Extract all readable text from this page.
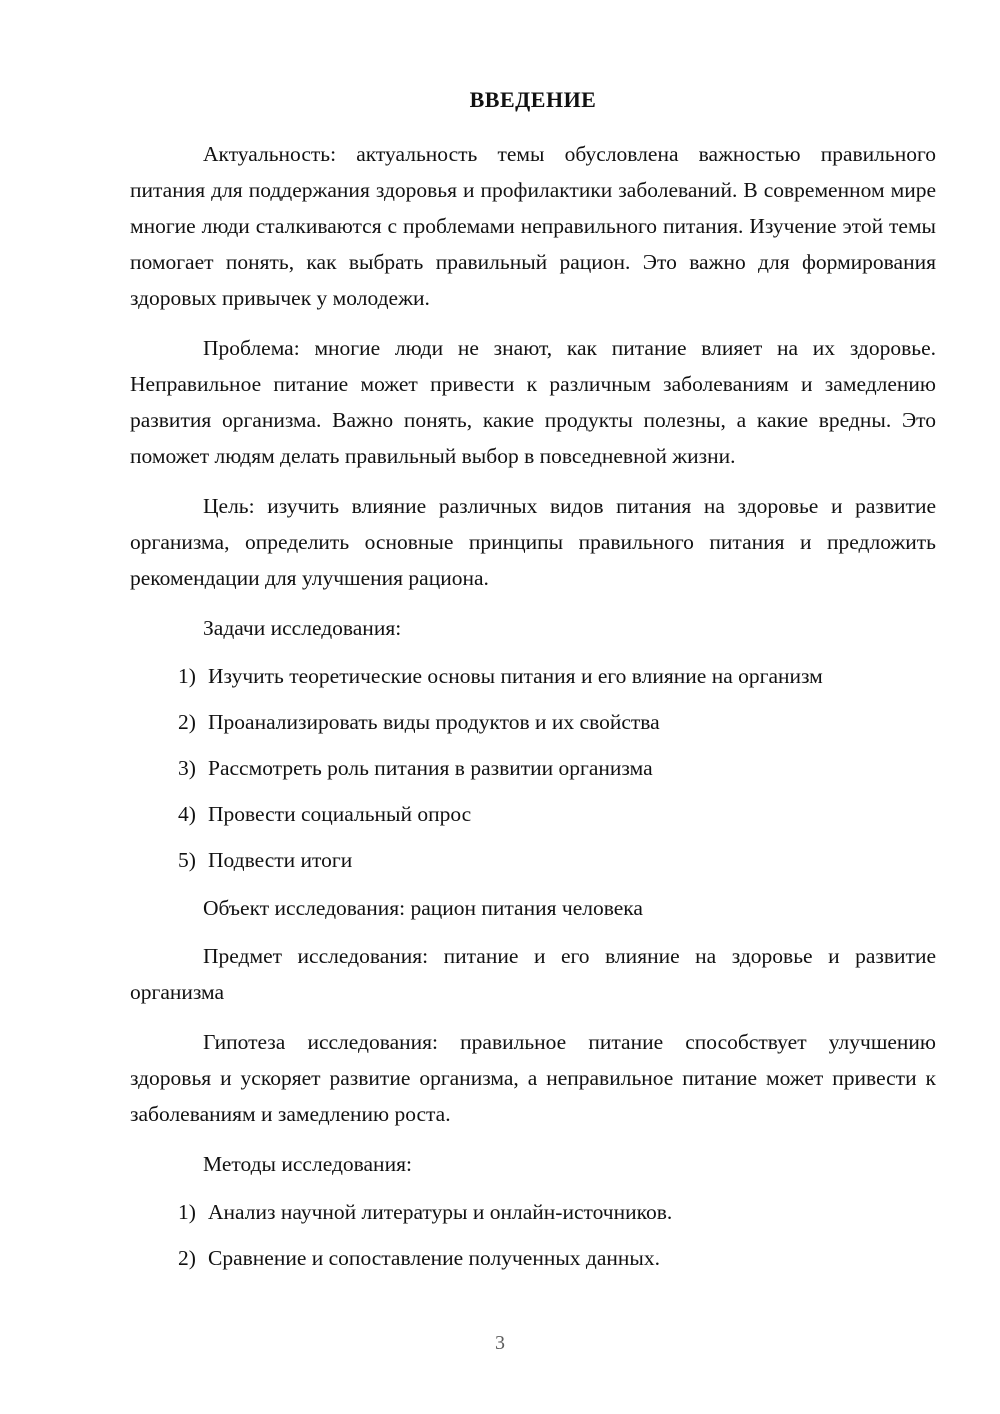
ВВЕДЕНИЕ

Актуальность: актуальность темы обусловлена важностью правильного питания для поддержания здоровья и профилактики заболеваний. В современном мире многие люди сталкиваются с проблемами неправильного питания. Изучение этой темы помогает понять, как выбрать правильный рацион. Это важно для формирования здоровых привычек у молодежи.

Проблема: многие люди не знают, как питание влияет на их здоровье. Неправильное питание может привести к различным заболеваниям и замедлению развития организма. Важно понять, какие продукты полезны, а какие вредны. Это поможет людям делать правильный выбор в повседневной жизни.

Цель: изучить влияние различных видов питания на здоровье и развитие организма, определить основные принципы правильного питания и предложить рекомендации для улучшения рациона.

Задачи исследования:

1) Изучить теоретические основы питания и его влияние на организм
2) Проанализировать виды продуктов и их свойства
3) Рассмотреть роль питания в развитии организма
4) Провести социальный опрос
5) Подвести итоги

Объект исследования: рацион питания человека

Предмет исследования: питание и его влияние на здоровье и развитие организма

Гипотеза исследования: правильное питание способствует улучшению здоровья и ускоряет развитие организма, а неправильное питание может привести к заболеваниям и замедлению роста.

Методы исследования:

1) Анализ научной литературы и онлайн-источников.
2) Сравнение и сопоставление полученных данных.
3
